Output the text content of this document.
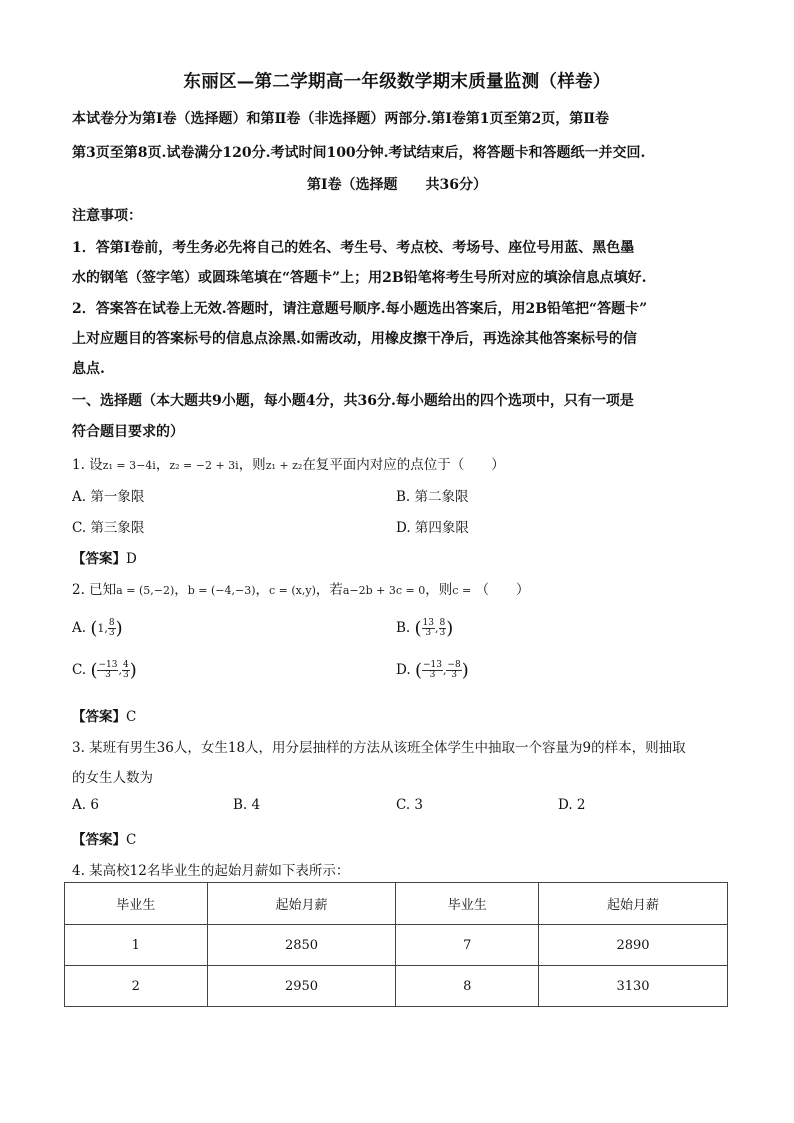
东丽区—第二学期高一年级数学期末质量监测（样卷）
本试卷分为第Ⅰ卷（选择题）和第Ⅱ卷（非选择题）两部分.第Ⅰ卷第1页至第2页，第Ⅱ卷
第3页至第8页.试卷满分120分.考试时间100分钟.考试结束后，将答题卡和答题纸一并交回.
第Ⅰ卷（选择题　　共36分）
注意事项：
1．答第Ⅰ卷前，考生务必先将自己的姓名、考生号、考点校、考场号、座位号用蓝、黑色墨
水的钢笔（签字笔）或圆珠笔填在“答题卡”上；用2B铅笔将考生号所对应的填涂信息点填好.
2．答案答在试卷上无效.答题时，请注意题号顺序.每小题选出答案后，用2B铅笔把“答题卡”
上对应题目的答案标号的信息点涂黑.如需改动，用橡皮擦干净后，再选涂其他答案标号的信
息点.
一、选择题（本大题共9小题，每小题4分，共36分.每小题给出的四个选项中，只有一项是
符合题目要求的）
1. 设z₁ = 3−4i，z₂ = −2 + 3i，则z₁ + z₂在复平面内对应的点位于（　　）
A. 第一象限	B. 第二象限
C. 第三象限	D. 第四象限
【答案】D
2. 已知a = (5,−2)，b = (−4,−3)，c = (x,y)，若a−2b + 3c = 0，则c = （　　）
A. (1, $\frac{8}{3}$ )	B. ( $\frac{13}{3}$ , $\frac{8}{3}$ )
C. ( $\frac{-13}{3}$ , $\frac{4}{3}$ )	D. ( $\frac{-13}{3}$ , $\frac{-8}{3}$ )
【答案】C
3. 某班有男生36人，女生18人，用分层抽样的方法从该班全体学生中抽取一个容量为9的样本，则抽取
的女生人数为
A. 6	B. 4	C. 3	D. 2
【答案】C
4. 某高校12名毕业生的起始月薪如下表所示：
毕业生	起始月薪	毕业生	起始月薪
1	2850	7	2890
2	2950	8	3130
